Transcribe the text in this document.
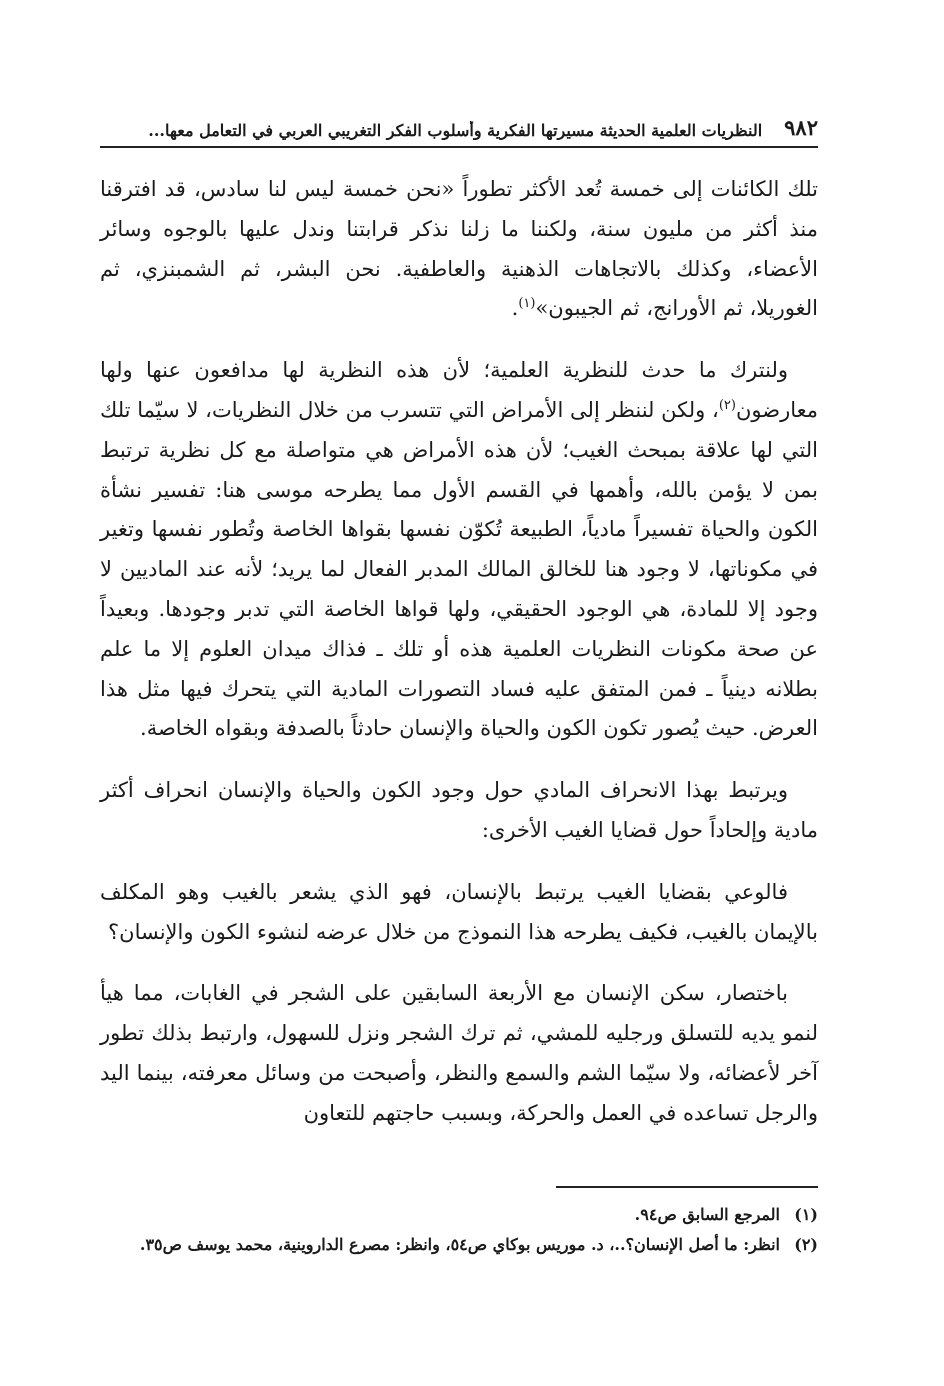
٩٨٢
النظريات العلمية الحديثة مسيرتها الفكرية وأسلوب الفكر التغريبي العربي في التعامل معها...

تلك الكائنات إلى خمسة تُعد الأكثر تطوراً «نحن خمسة ليس لنا سادس، قد افترقنا منذ أكثر من مليون سنة، ولكننا ما زلنا نذكر قرابتنا وندل عليها بالوجوه وسائر الأعضاء، وكذلك بالاتجاهات الذهنية والعاطفية. نحن البشر، ثم الشمبنزي، ثم الغوريلا، ثم الأورانج، ثم الجيبون»$^{(١)}$.

ولنترك ما حدث للنظرية العلمية؛ لأن هذه النظرية لها مدافعون عنها ولها معارضون$^{(٢)}$، ولكن لننظر إلى الأمراض التي تتسرب من خلال النظريات، لا سيّما تلك التي لها علاقة بمبحث الغيب؛ لأن هذه الأمراض هي متواصلة مع كل نظرية ترتبط بمن لا يؤمن بالله، وأهمها في القسم الأول مما يطرحه موسى هنا: تفسير نشأة الكون والحياة تفسيراً مادياً، الطبيعة تُكوّن نفسها بقواها الخاصة وتُطور نفسها وتغير في مكوناتها، لا وجود هنا للخالق المالك المدبر الفعال لما يريد؛ لأنه عند الماديين لا وجود إلا للمادة، هي الوجود الحقيقي، ولها قواها الخاصة التي تدبر وجودها. وبعيداً عن صحة مكونات النظريات العلمية هذه أو تلك ـ فذاك ميدان العلوم إلا ما علم بطلانه دينياً ـ فمن المتفق عليه فساد التصورات المادية التي يتحرك فيها مثل هذا العرض. حيث يُصور تكون الكون والحياة والإنسان حادثاً بالصدفة وبقواه الخاصة.

ويرتبط بهذا الانحراف المادي حول وجود الكون والحياة والإنسان انحراف أكثر مادية وإلحاداً حول قضايا الغيب الأخرى:

فالوعي بقضايا الغيب يرتبط بالإنسان، فهو الذي يشعر بالغيب وهو المكلف بالإيمان بالغيب، فكيف يطرحه هذا النموذج من خلال عرضه لنشوء الكون والإنسان؟

باختصار، سكن الإنسان مع الأربعة السابقين على الشجر في الغابات، مما هيأ لنمو يديه للتسلق ورجليه للمشي، ثم ترك الشجر ونزل للسهول، وارتبط بذلك تطور آخر لأعضائه، ولا سيّما الشم والسمع والنظر، وأصبحت من وسائل معرفته، بينما اليد والرجل تساعده في العمل والحركة، وبسبب حاجتهم للتعاون

(١)
المرجع السابق ص٩٤.
(٢)
انظر: ما أصل الإنسان؟..، د. موريس بوكاي ص٥٤، وانظر: مصرع الداروينية، محمد يوسف ص٣٥.
